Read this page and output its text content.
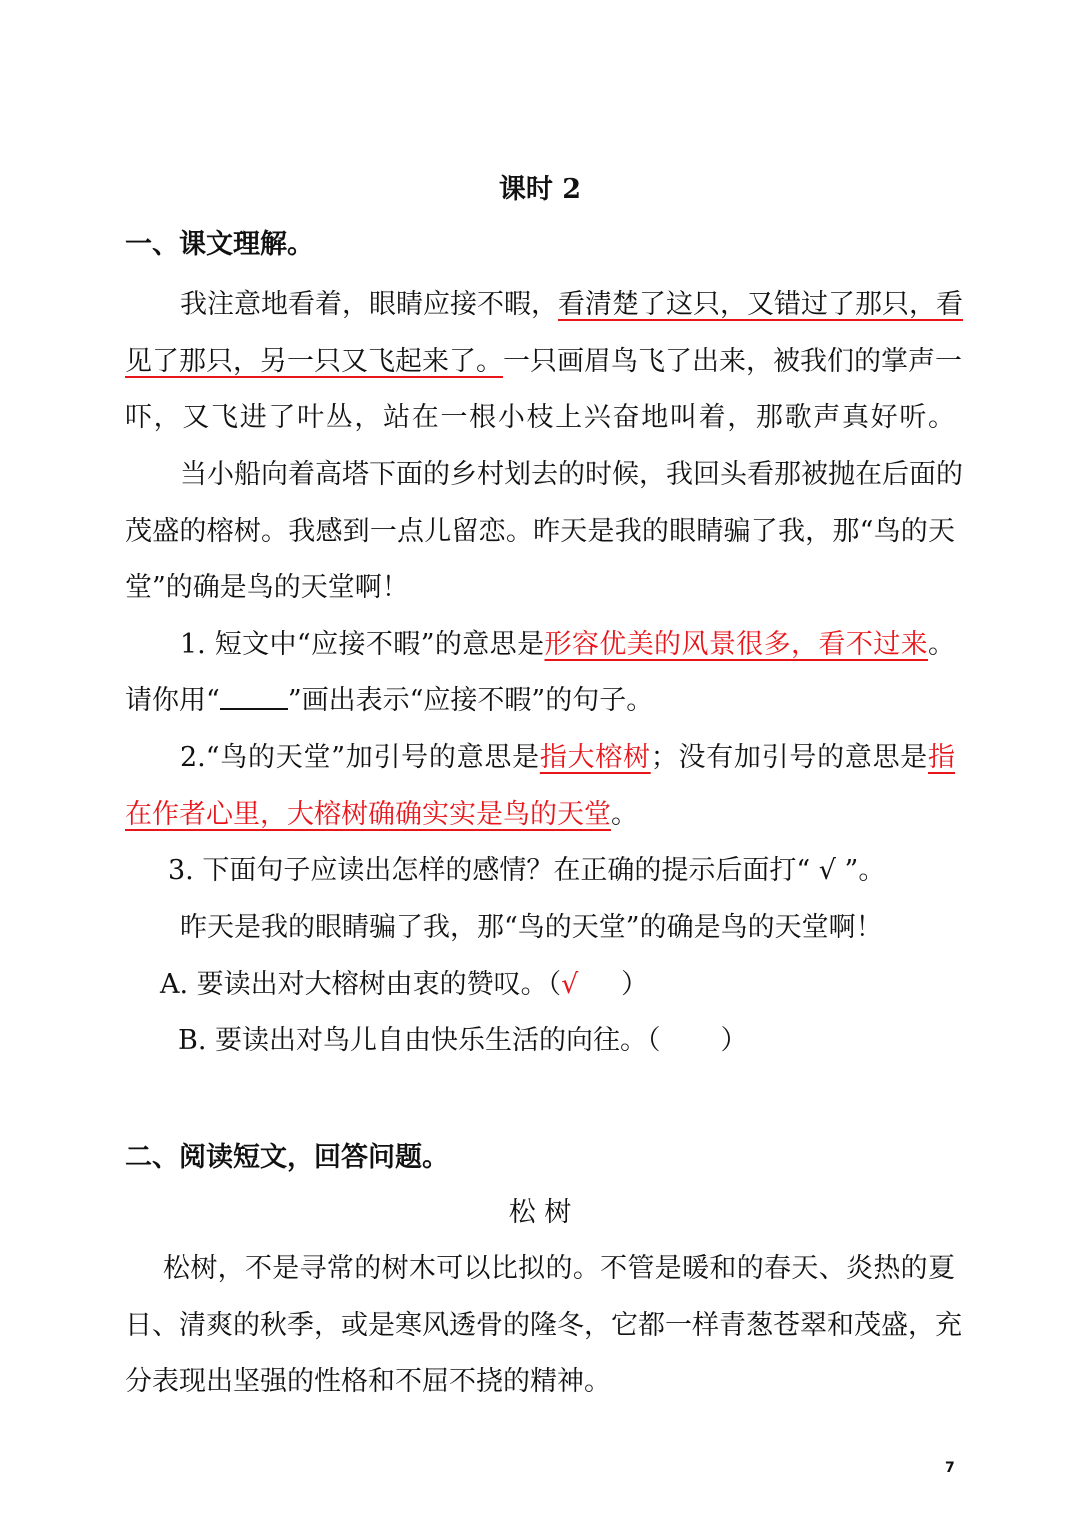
课时 2
一、课文理解。
我注意地看着，眼睛应接不暇，看清楚了这只，又错过了那只，看
见了那只，另一只又飞起来了。一只画眉鸟飞了出来，被我们的掌声一
吓，又飞进了叶丛，站在一根小枝上兴奋地叫着，那歌声真好听。
当小船向着高塔下面的乡村划去的时候，我回头看那被抛在后面的
茂盛的榕树。我感到一点儿留恋。昨天是我的眼睛骗了我，那“鸟的天
堂”的确是鸟的天堂啊！
1. 短文中“应接不暇”的意思是形容优美的风景很多，看不过来。
请你用“	”画出表示“应接不暇”的句子。
2.“鸟的天堂”加引号的意思是指大榕树；没有加引号的意思是指
在作者心里，大榕树确确实实是鸟的天堂。
3. 下面句子应读出怎样的感情？在正确的提示后面打“ √ ”。
昨天是我的眼睛骗了我，那“鸟的天堂”的确是鸟的天堂啊！
A. 要读出对大榕树由衷的赞叹。（√ ）
B. 要读出对鸟儿自由快乐生活的向往。（ ）
二、阅读短文，回答问题。
松 树
松树，不是寻常的树木可以比拟的。不管是暖和的春天、炎热的夏
日、清爽的秋季，或是寒风透骨的隆冬，它都一样青葱苍翠和茂盛，充
分表现出坚强的性格和不屈不挠的精神。
7
